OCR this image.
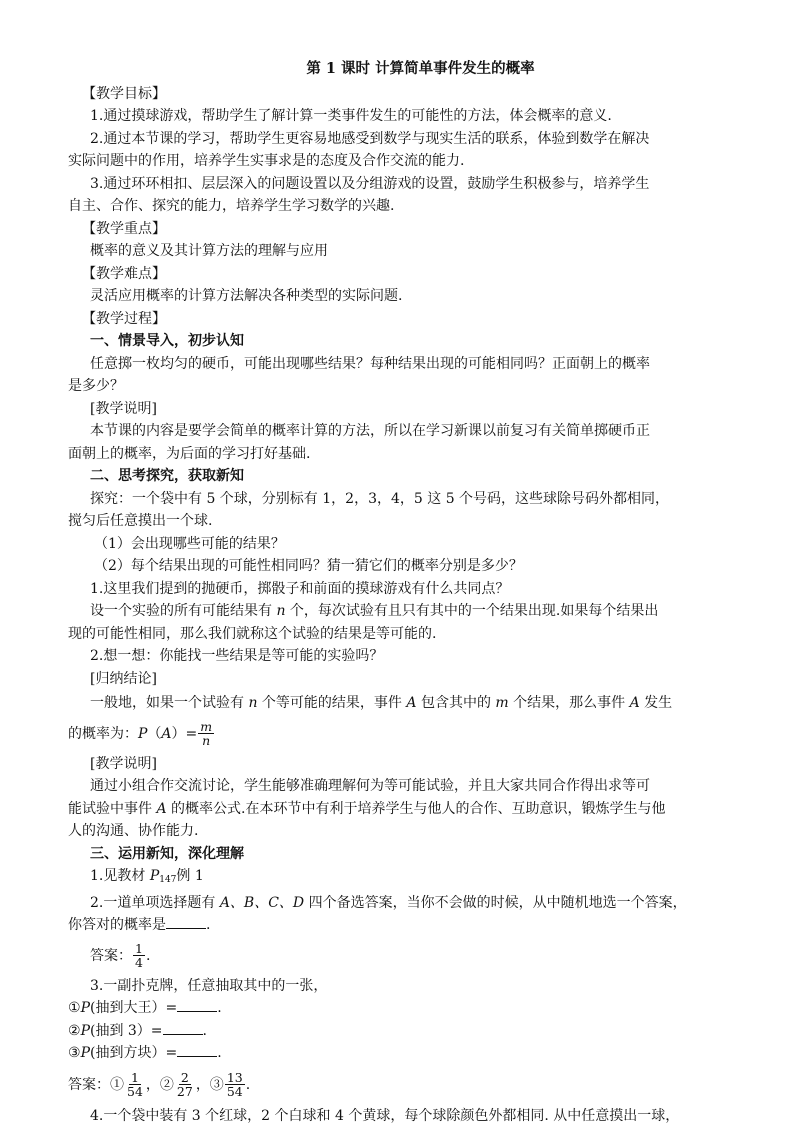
第 1 课时 计算简单事件发生的概率
【教学目标】
1.通过摸球游戏，帮助学生了解计算一类事件发生的可能性的方法，体会概率的意义.
2.通过本节课的学习，帮助学生更容易地感受到数学与现实生活的联系，体验到数学在解决
实际问题中的作用，培养学生实事求是的态度及合作交流的能力.
3.通过环环相扣、层层深入的问题设置以及分组游戏的设置，鼓励学生积极参与，培养学生
自主、合作、探究的能力，培养学生学习数学的兴趣.
【教学重点】
概率的意义及其计算方法的理解与应用
【教学难点】
灵活应用概率的计算方法解决各种类型的实际问题.
【教学过程】
一、情景导入，初步认知
任意掷一枚均匀的硬币，可能出现哪些结果？每种结果出现的可能相同吗？正面朝上的概率
是多少？
[教学说明]
本节课的内容是要学会简单的概率计算的方法，所以在学习新课以前复习有关简单掷硬币正
面朝上的概率，为后面的学习打好基础.
二、思考探究，获取新知
探究：一个袋中有 5 个球，分别标有 1，2，3，4，5 这 5 个号码，这些球除号码外都相同，
搅匀后任意摸出一个球.
（1）会出现哪些可能的结果？
（2）每个结果出现的可能性相同吗？猜一猜它们的概率分别是多少？
1.这里我们提到的抛硬币，掷骰子和前面的摸球游戏有什么共同点？
设一个实验的所有可能结果有 n 个，每次试验有且只有其中的一个结果出现.如果每个结果出
现的可能性相同，那么我们就称这个试验的结果是等可能的.
2.想一想：你能找一些结果是等可能的实验吗？
[归纳结论]
一般地，如果一个试验有 n 个等可能的结果，事件 A 包含其中的 m 个结果，那么事件 A 发生
的概率为：$P(A)= \frac{m}{n}$
[教学说明]
通过小组合作交流讨论，学生能够准确理解何为等可能试验，并且大家共同合作得出求等可
能试验中事件 A 的概率公式.在本环节中有利于培养学生与他人的合作、互助意识，锻炼学生与他
人的沟通、协作能力.
三、运用新知，深化理解
1.见教材 $P_{147}$例 1
2.一道单项选择题有 A、B、C、D 四个备选答案，当你不会做的时候，从中随机地选一个答案，
你答对的概率是	.
答案： $\frac{1}{4}$ .
3.一副扑克牌，任意抽取其中的一张，
①P(抽到大王）=	.
②P(抽到 3）=	.
③P(抽到方块）=	.
答案：① $\frac{1}{54}$ ，② $\frac{2}{27}$ ，③ $\frac{13}{54}$ .
4.一个袋中装有 3 个红球，2 个白球和 4 个黄球，每个球除颜色外都相同. 从中任意摸出一球，
